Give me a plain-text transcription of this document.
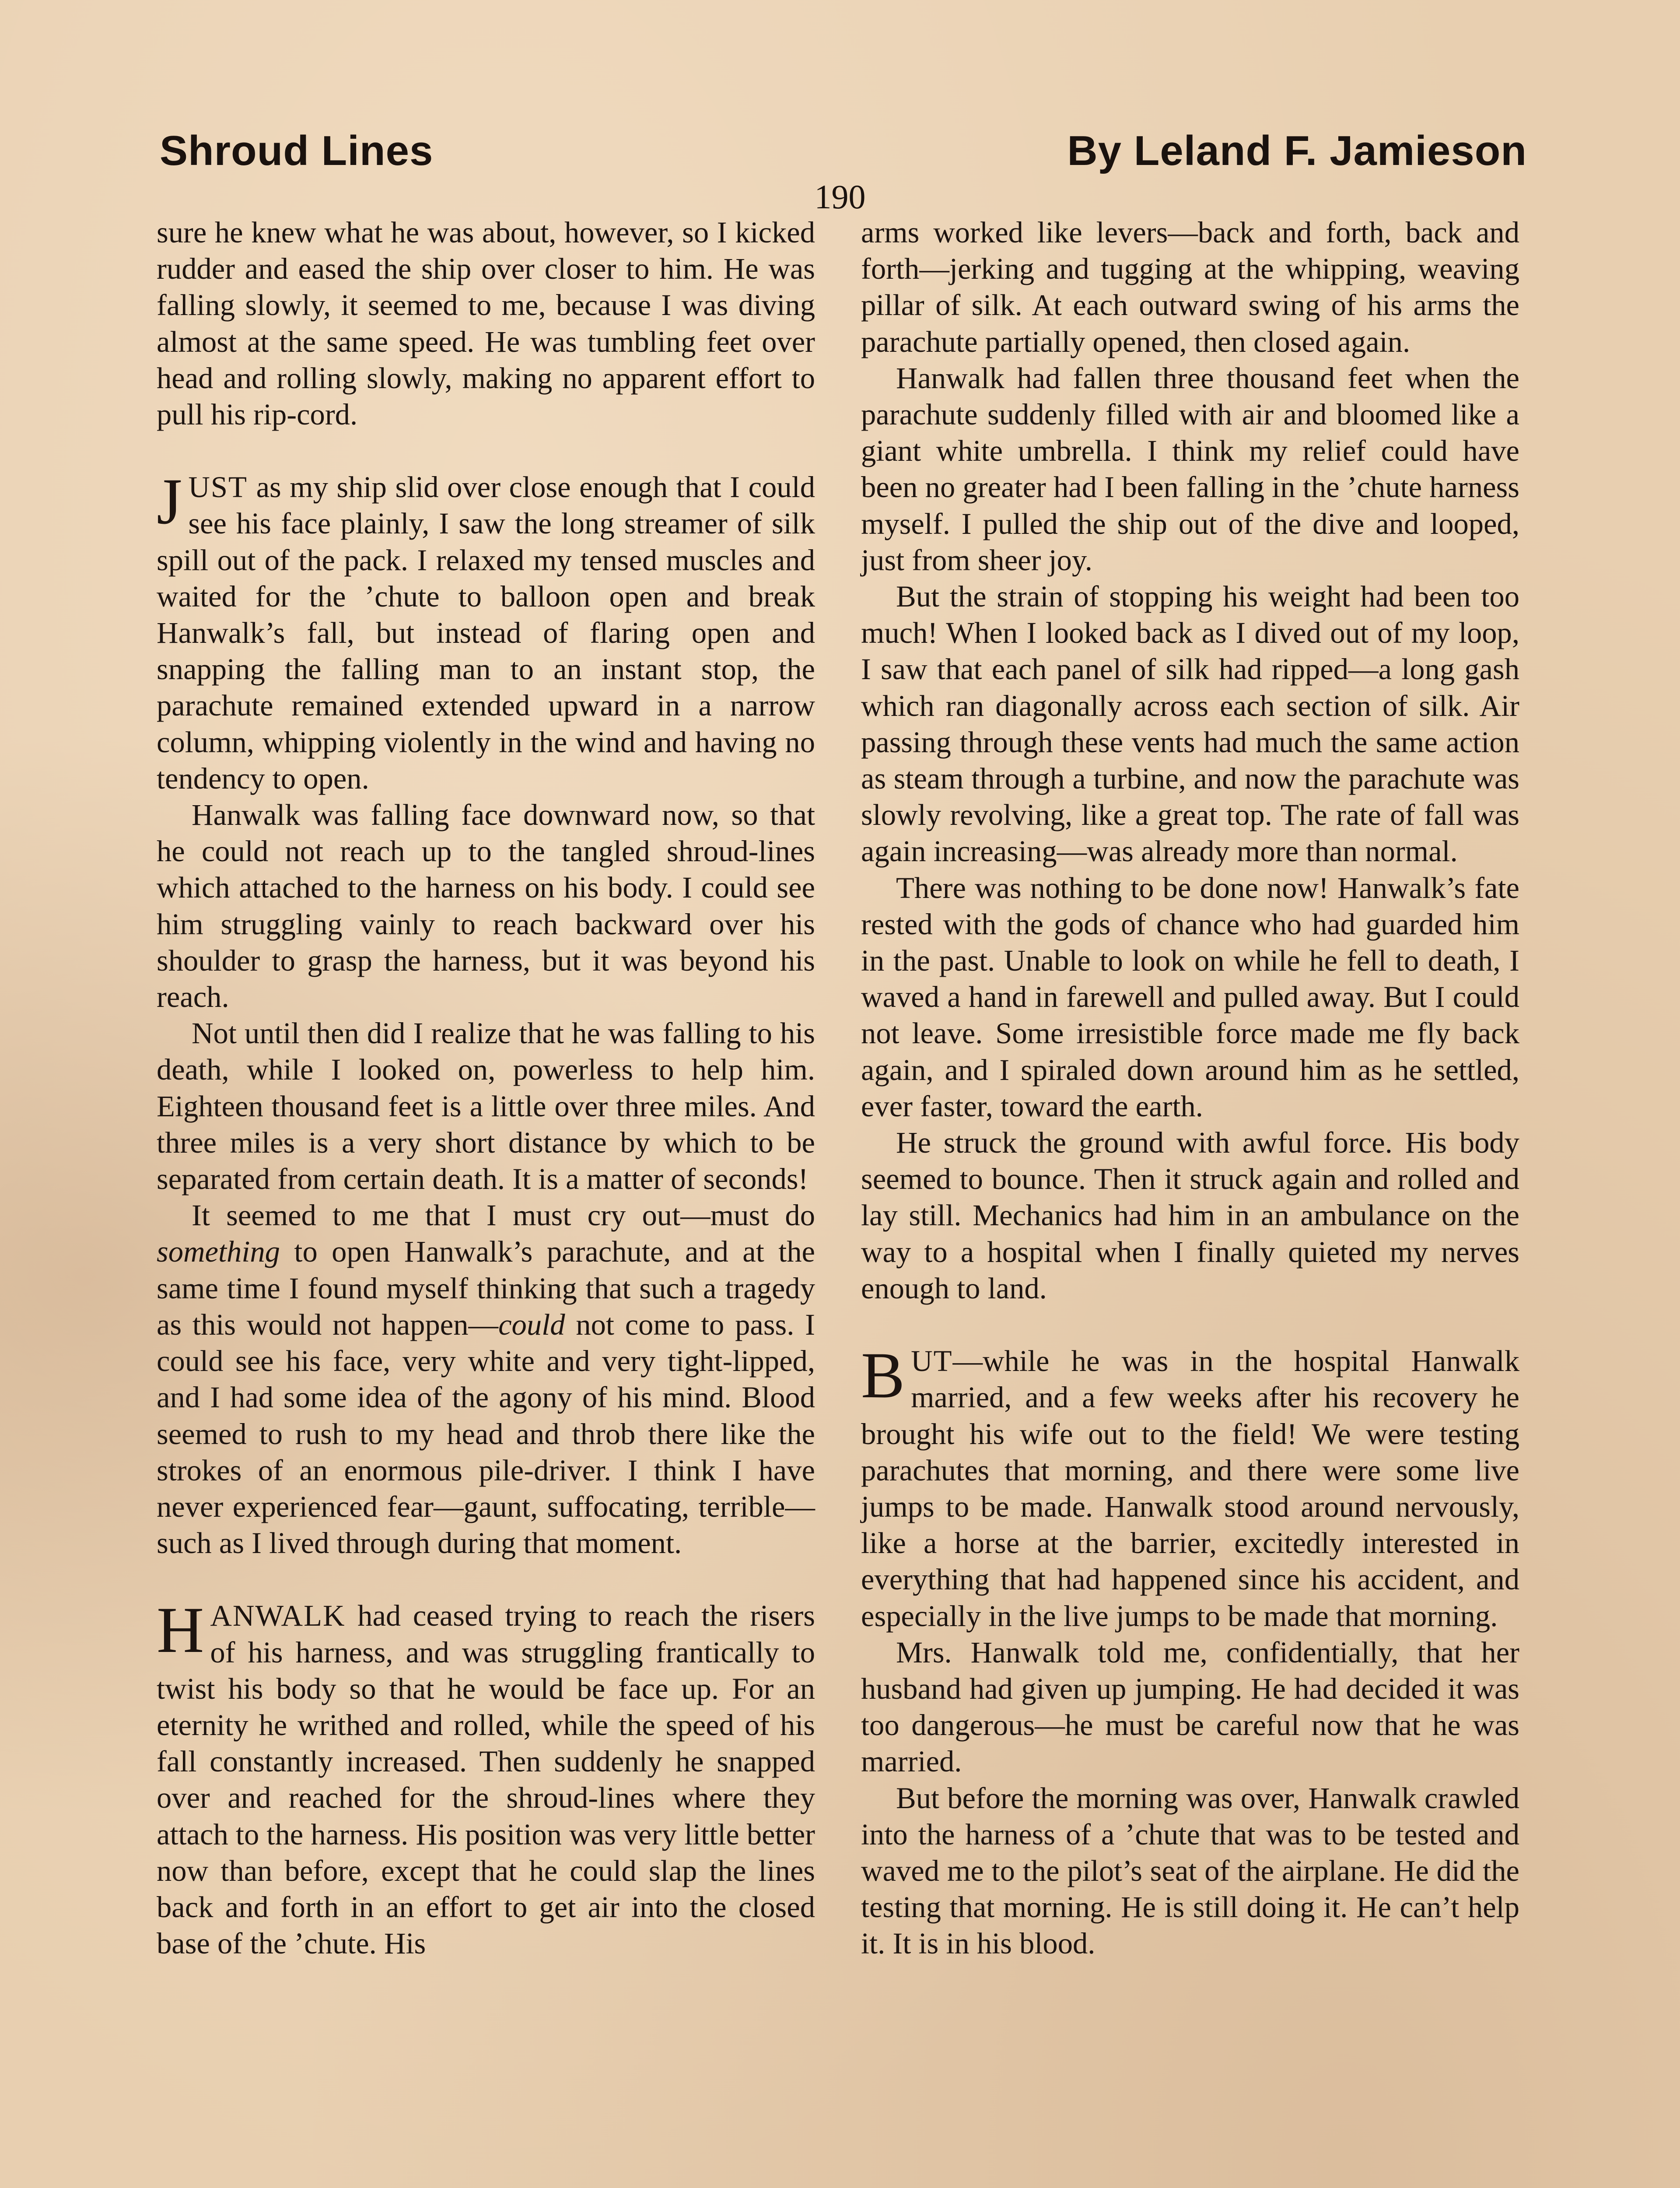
Shroud Lines	By Leland F. Jamieson
190

sure he knew what he was about, however, so I kicked rudder and eased the ship over closer to him. He was falling slowly, it seemed to me, because I was diving almost at the same speed. He was tumbling feet over head and rolling slowly, making no apparent effort to pull his rip-cord.

JUST as my ship slid over close enough that I could see his face plainly, I saw the long streamer of silk spill out of the pack. I relaxed my tensed muscles and waited for the ’chute to balloon open and break Hanwalk’s fall, but instead of flaring open and snapping the falling man to an instant stop, the parachute remained extended upward in a narrow column, whipping violently in the wind and having no tendency to open.

Hanwalk was falling face downward now, so that he could not reach up to the tangled shroud-lines which attached to the harness on his body. I could see him struggling vainly to reach backward over his shoulder to grasp the harness, but it was beyond his reach.

Not until then did I realize that he was falling to his death, while I looked on, powerless to help him. Eighteen thousand feet is a little over three miles. And three miles is a very short distance by which to be separated from certain death. It is a matter of seconds!

It seemed to me that I must cry out—must do something to open Hanwalk’s parachute, and at the same time I found myself thinking that such a tragedy as this would not happen—could not come to pass. I could see his face, very white and very tight-lipped, and I had some idea of the agony of his mind. Blood seemed to rush to my head and throb there like the strokes of an enormous pile-driver. I think I have never experienced fear—gaunt, suffocating, terrible—such as I lived through during that moment.

HANWALK had ceased trying to reach the risers of his harness, and was struggling frantically to twist his body so that he would be face up. For an eternity he writhed and rolled, while the speed of his fall constantly increased. Then suddenly he snapped over and reached for the shroud-lines where they attach to the harness. His position was very little better now than before, except that he could slap the lines back and forth in an effort to get air into the closed base of the ’chute. His

arms worked like levers—back and forth, back and forth—jerking and tugging at the whipping, weaving pillar of silk. At each outward swing of his arms the parachute partially opened, then closed again.

Hanwalk had fallen three thousand feet when the parachute suddenly filled with air and bloomed like a giant white umbrella. I think my relief could have been no greater had I been falling in the ’chute harness myself. I pulled the ship out of the dive and looped, just from sheer joy.

But the strain of stopping his weight had been too much! When I looked back as I dived out of my loop, I saw that each panel of silk had ripped—a long gash which ran diagonally across each section of silk. Air passing through these vents had much the same action as steam through a turbine, and now the parachute was slowly revolving, like a great top. The rate of fall was again increasing—was already more than normal.

There was nothing to be done now! Hanwalk’s fate rested with the gods of chance who had guarded him in the past. Unable to look on while he fell to death, I waved a hand in farewell and pulled away. But I could not leave. Some irresistible force made me fly back again, and I spiraled down around him as he settled, ever faster, toward the earth.

He struck the ground with awful force. His body seemed to bounce. Then it struck again and rolled and lay still. Mechanics had him in an ambulance on the way to a hospital when I finally quieted my nerves enough to land.

BUT—while he was in the hospital Hanwalk married, and a few weeks after his recovery he brought his wife out to the field! We were testing parachutes that morning, and there were some live jumps to be made. Hanwalk stood around nervously, like a horse at the barrier, excitedly interested in everything that had happened since his accident, and especially in the live jumps to be made that morning.

Mrs. Hanwalk told me, confidentially, that her husband had given up jumping. He had decided it was too dangerous—he must be careful now that he was married.

But before the morning was over, Hanwalk crawled into the harness of a ’chute that was to be tested and waved me to the pilot’s seat of the airplane. He did the testing that morning. He is still doing it. He can’t help it. It is in his blood.
